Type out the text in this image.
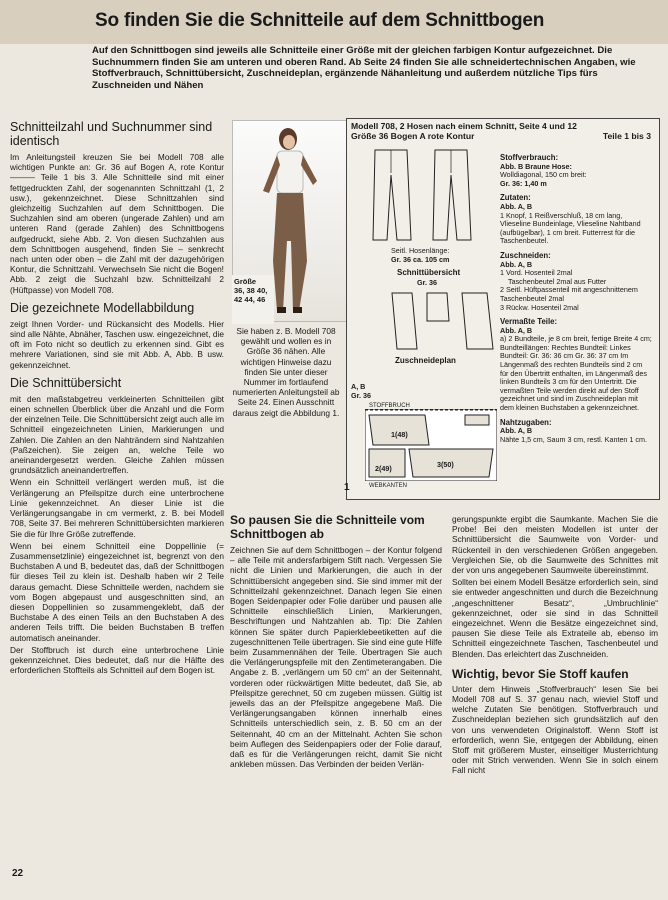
So finden Sie die Schnitteile auf dem Schnittbogen
Auf den Schnittbogen sind jeweils alle Schnitteile einer Größe mit der gleichen farbigen Kontur aufgezeichnet. Die Suchnummern finden Sie am unteren und oberen Rand. Ab Seite 24 finden Sie alle schneidertechnischen Angaben, wie Stoffverbrauch, Schnittübersicht, Zuschneideplan, ergänzende Nähanleitung und außerdem nützliche Tips fürs Zuschneiden und Nähen
Schnitteilzahl und Suchnummer sind identisch

Im Anleitungsteil kreuzen Sie bei Modell 708 alle wichtigen Punkte an: Gr. 36 auf Bogen A, rote Kontur ——— Teile 1 bis 3. Alle Schnitteile sind mit einer fettgedruckten Zahl, der sogenannten Schnittzahl (1, 2 usw.), gekennzeichnet. Diese Schnittzahlen sind gleichzeitig Suchzahlen auf dem Schnittbogen. Die Suchzahlen sind am oberen (ungerade Zahlen) und am unteren Rand (gerade Zahlen) des Schnittbogens aufgedruckt, siehe Abb. 2. Von diesen Suchzahlen aus dem Schnittbogen ausgehend, finden Sie – senkrecht nach unten oder oben – die Zahl mit der dazugehörigen Kontur, die Schnittzahl. Verwechseln Sie nicht die Bogen! Abb. 2 zeigt die Suchzahl bzw. Schnitteilzahl 2 (Hüftpasse) von Modell 708.

Die gezeichnete Modellabbildung

zeigt Ihnen Vorder- und Rückansicht des Modells. Hier sind alle Nähte, Abnäher, Taschen usw. eingezeichnet, die oft im Foto nicht so deutlich zu erkennen sind. Gibt es mehrere Variationen, sind sie mit Abb. A, Abb. B usw. gekennzeichnet.

Die Schnittübersicht

mit den maßstabgetreu verkleinerten Schnitteilen gibt einen schnellen Überblick über die Anzahl und die Form der einzelnen Teile. Die Schnittübersicht zeigt auch alle im Schnitteil eingezeichneten Linien, Markierungen und Zahlen. Die Zahlen an den Nahträndern sind Nahtzahlen (Paßzeichen). Sie zeigen an, welche Teile wo aneinandergesetzt werden. Gleiche Zahlen müssen grundsätzlich aneinandertreffen.

Wenn ein Schnitteil verlängert werden muß, ist die Verlängerung an Pfeilspitze durch eine unterbrochene Linie gekennzeichnet. An dieser Linie ist die Verlängerungsangabe in cm vermerkt, z. B. bei Modell 708, Seite 37. Bei mehreren Schnittübersichten markieren Sie die für Ihre Größe zutreffende.

Wenn bei einem Schnitteil eine Doppellinie (= Zusammensetzlinie) eingezeichnet ist, begrenzt von den Buchstaben A und B, bedeutet das, daß der Schnittbogen für dieses Teil zu klein ist. Deshalb haben wir 2 Teile daraus gemacht. Diese Schnitteile werden, nachdem sie vom Bogen abgepaust und ausgeschnitten sind, an diesen Doppellinien so zusammengeklebt, daß der Buchstabe A des einen Teils an den Buchstaben A des anderen Teils trifft. Die beiden Buchstaben B treffen automatisch aneinander.

Der Stoffbruch ist durch eine unterbrochene Linie gekennzeichnet. Dies bedeutet, daß nur die Hälfte des erforderlichen Stoffteils als Schnitteil auf dem Bogen ist.

Größe
36, 38 40, 42 44, 46
Sie haben z. B. Modell 708 gewählt und wollen es in Größe 36 nähen. Alle wichtigen Hinweise dazu finden Sie unter dieser Nummer im fortlaufend numerierten Anleitungsteil ab Seite 24. Einen Ausschnitt daraus zeigt die Abbildung 1.
Modell 708, 2 Hosen nach einem Schnitt, Seite 4 und 12
Größe 36 Bogen A rote Kontur	Teile 1 bis 3
Seitl. Hosenlänge:
Gr. 36 ca. 105 cm
Schnittübersicht
Gr. 36
Zuschneideplan
A, B
Gr. 36
STOFFBRUCH
1(48)
2(49)	3(50)
WEBKANTEN
1
Stoffverbrauch:
Abb. B Braune Hose:
Wolldiagonal, 150 cm breit:
Gr. 36: 1,40 m
Zutaten:
Abb. A, B
1 Knopf, 1 Reißverschluß, 18 cm lang, Vlieseline Bundeinlage, Vlieseline Nahtband (aufbügelbar), 1 cm breit. Futterrest für die Taschenbeutel.
Zuschneiden:
Abb. A, B
1 Vord. Hosenteil 2mal
Taschenbeutel 2mal aus Futter
2 Seitl. Hüftpassenteil mit angeschnittenem Taschenbeutel 2mal
3 Rückw. Hosenteil 2mal
Vermaßte Teile:
Abb. A, B
a) 2 Bundteile, je 8 cm breit, fertige Breite 4 cm; Bundteillängen: Rechtes Bundteil: Linkes Bundteil: Gr. 36: 36 cm Gr. 36: 37 cm Im Längenmaß des rechten Bundteils sind 2 cm für den Übertritt enthalten, im Längenmaß des linken Bundteils 3 cm für den Untertritt. Die vermaßten Teile werden direkt auf den Stoff gezeichnet und sind im Zuschneideplan mit dem kleinen Buchstaben a gekennzeichnet.
Nahtzugaben:
Abb. A, B
Nähte 1,5 cm, Saum 3 cm, restl. Kanten 1 cm.
So pausen Sie die Schnitteile vom Schnittbogen ab

Zeichnen Sie auf dem Schnittbogen – der Kontur folgend – alle Teile mit andersfarbigem Stift nach. Vergessen Sie nicht die Linien und Markierungen, die auch in der Schnittübersicht angegeben sind. Sie sind immer mit der Schnitteilzahl gekennzeichnet. Danach legen Sie einen Bogen Seidenpapier oder Folie darüber und pausen alle Schnitteile einschließlich Linien, Markierungen, Beschriftungen und Nahtzahlen ab. Tip: Die Zahlen können Sie später durch Papierklebeetiketten auf die zugeschnittenen Teile übertragen. Sie sind eine gute Hilfe beim Zusammennähen der Teile. Übertragen Sie auch die Verlängerungspfeile mit den Zentimeterangaben. Die Angabe z. B. „verlängern um 50 cm“ an der Seitennaht, vorderen oder rückwärtigen Mitte bedeutet, daß Sie, ab Pfeilspitze gerechnet, 50 cm zugeben müssen. Gültig ist jeweils das an der Pfeilspitze angegebene Maß. Die Verlängerungsangaben können innerhalb eines Schnitteils unterschiedlich sein, z. B. 50 cm an der Seitennaht, 40 cm an der Mittelnaht. Achten Sie schon beim Auflegen des Seidenpapiers oder der Folie darauf, daß es für die Verlängerungen reicht, damit Sie nicht ankleben müssen. Das Verbinden der beiden Verlän-

gerungspunkte ergibt die Saumkante. Machen Sie die Probe! Bei den meisten Modellen ist unter der Schnittübersicht die Saumweite von Vorder- und Rückenteil in den verschiedenen Größen angegeben. Vergleichen Sie, ob die Saumweite des Schnittes mit der von uns angegebenen Saumweite übereinstimmt.

Sollten bei einem Modell Besätze erforderlich sein, sind sie entweder angeschnitten und durch die Bezeichnung „angeschnittener Besatz“, „Umbruchlinie“ gekennzeichnet, oder sie sind in das Schnitteil eingezeichnet. Wenn die Besätze eingezeichnet sind, pausen Sie diese Teile als Extrateile ab, ebenso im Schnitteil eingezeichnete Taschen, Taschenbeutel und Blenden. Das erleichtert das Zuschneiden.

Wichtig, bevor Sie Stoff kaufen

Unter dem Hinweis „Stoffverbrauch“ lesen Sie bei Modell 708 auf S. 37 genau nach, wieviel Stoff und welche Zutaten Sie benötigen. Stoffverbrauch und Zuschneideplan beziehen sich grundsätzlich auf den von uns verwendeten Originalstoff. Wenn Stoff ist erforderlich, wenn Sie, entgegen der Abbildung, einen Stoff mit größerem Muster, einseitiger Musterrichtung oder mit Strich verwenden. Wenn Sie in solch einem Fall nicht

22
